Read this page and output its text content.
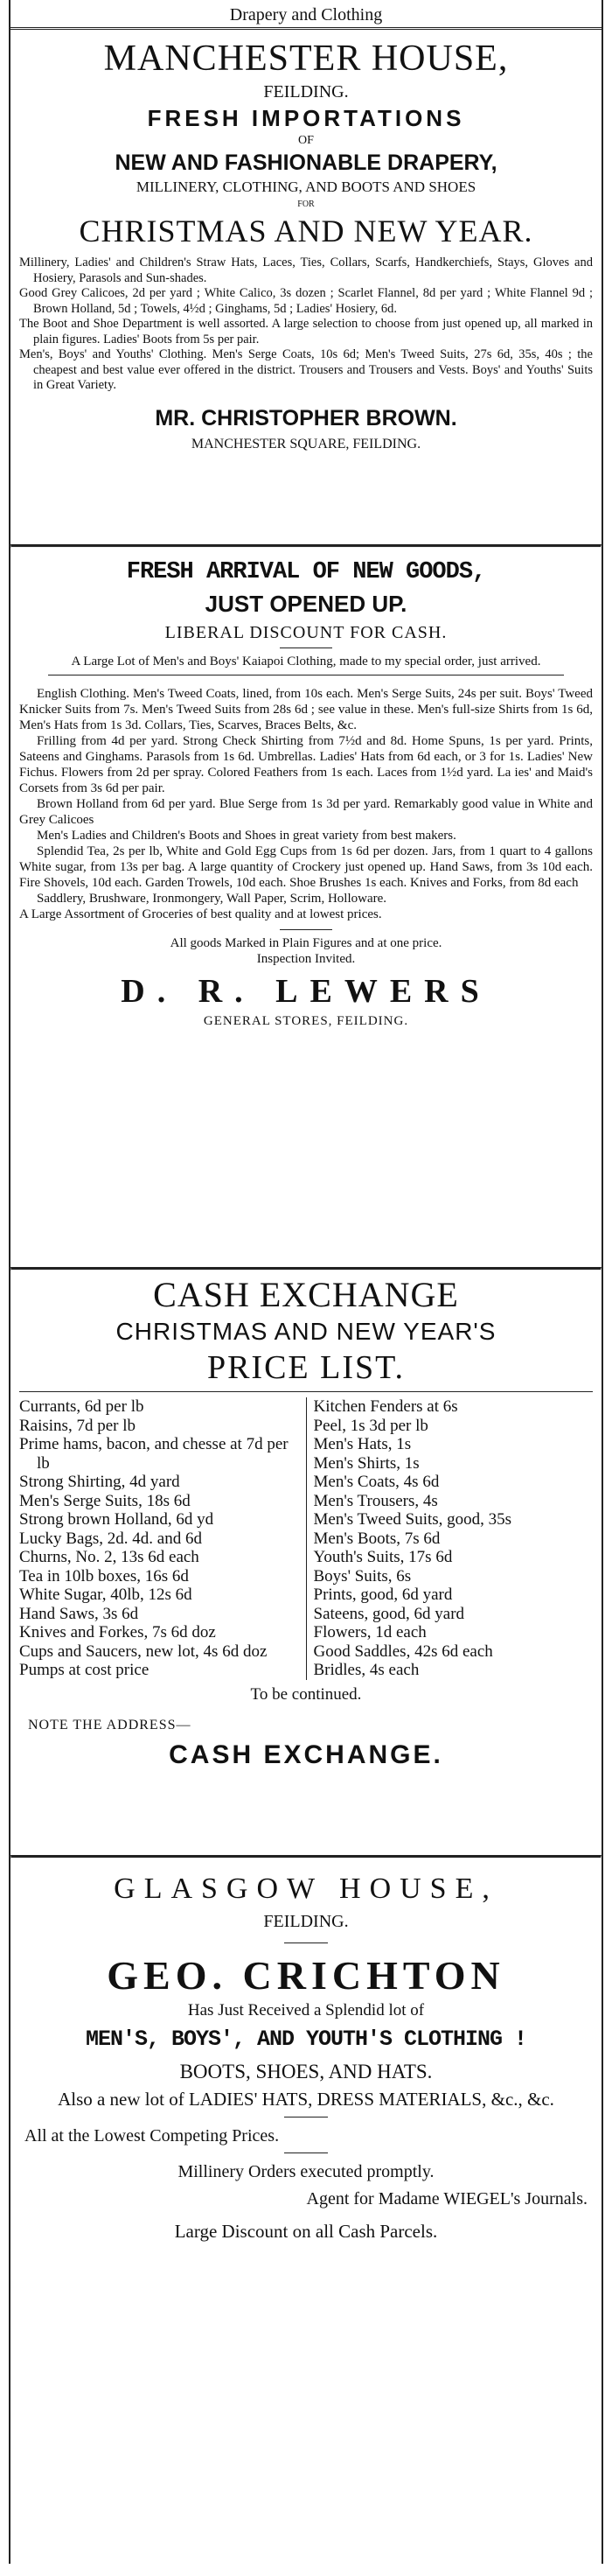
Drapery and Clothing
MANCHESTER HOUSE,
FEILDING.
FRESH IMPORTATIONS
OF
NEW AND FASHIONABLE DRAPERY,
MILLINERY, CLOTHING, AND BOOTS AND SHOES
FOR
CHRISTMAS AND NEW YEAR.

Millinery, Ladies' and Children's Straw Hats, Laces, Ties, Collars, Scarfs, Handkerchiefs, Stays, Gloves and Hosiery, Parasols and Sun-shades.

Good Grey Calicoes, 2d per yard ; White Calico, 3s dozen ; Scarlet Flannel, 8d per yard ; White Flannel 9d ; Brown Holland, 5d ; Towels, 4½d ; Ginghams, 5d ; Ladies' Hosiery, 6d.

The Boot and Shoe Department is well assorted. A large selection to choose from just opened up, all marked in plain figures. Ladies' Boots from 5s per pair.

Men's, Boys' and Youths' Clothing. Men's Serge Coats, 10s 6d; Men's Tweed Suits, 27s 6d, 35s, 40s ; the cheapest and best value ever offered in the district. Trousers and Trousers and Vests. Boys' and Youths' Suits in Great Variety.

MR. CHRISTOPHER BROWN.
MANCHESTER SQUARE, FEILDING.
FRESH ARRIVAL OF NEW GOODS,
JUST OPENED UP.
LIBERAL DISCOUNT FOR CASH.
A Large Lot of Men's and Boys' Kaiapoi Clothing, made to my special order, just arrived.

English Clothing. Men's Tweed Coats, lined, from 10s each. Men's Serge Suits, 24s per suit. Boys' Tweed Knicker Suits from 7s. Men's Tweed Suits from 28s 6d ; see value in these. Men's full-size Shirts from 1s 6d, Men's Hats from 1s 3d. Collars, Ties, Scarves, Braces Belts, &c.

Frilling from 4d per yard. Strong Check Shirting from 7½d and 8d. Home Spuns, 1s per yard. Prints, Sateens and Ginghams. Parasols from 1s 6d. Umbrellas. Ladies' Hats from 6d each, or 3 for 1s. Ladies' New Fichus. Flowers from 2d per spray. Colored Feathers from 1s each. Laces from 1½d yard. La ies' and Maid's Corsets from 3s 6d per pair.

Brown Holland from 6d per yard. Blue Serge from 1s 3d per yard. Remarkably good value in White and Grey Calicoes

Men's Ladies and Children's Boots and Shoes in great variety from best makers.

Splendid Tea, 2s per lb, White and Gold Egg Cups from 1s 6d per dozen. Jars, from 1 quart to 4 gallons White sugar, from 13s per bag. A large quantity of Crockery just opened up. Hand Saws, from 3s 10d each. Fire Shovels, 10d each. Garden Trowels, 10d each. Shoe Brushes 1s each. Knives and Forks, from 8d each

Saddlery, Brushware, Ironmongery, Wall Paper, Scrim, Holloware.

A Large Assortment of Groceries of best quality and at lowest prices.

All goods Marked in Plain Figures and at one price.
Inspection Invited.
D. R. LEWERS
GENERAL STORES, FEILDING.
CASH EXCHANGE
CHRISTMAS AND NEW YEAR'S
PRICE LIST.
Currants, 6d per lb
Raisins, 7d per lb
Prime hams, bacon, and chesse at 7d per lb
Strong Shirting, 4d yard
Men's Serge Suits, 18s 6d
Strong brown Holland, 6d yd
Lucky Bags, 2d. 4d. and 6d
Churns, No. 2, 13s 6d each
Tea in 10lb boxes, 16s 6d
White Sugar, 40lb, 12s 6d
Hand Saws, 3s 6d
Knives and Forkes, 7s 6d doz
Cups and Saucers, new lot, 4s 6d doz
Pumps at cost price
Kitchen Fenders at 6s
Peel, 1s 3d per lb
Men's Hats, 1s
Men's Shirts, 1s
Men's Coats, 4s 6d
Men's Trousers, 4s
Men's Tweed Suits, good, 35s
Men's Boots, 7s 6d
Youth's Suits, 17s 6d
Boys' Suits, 6s
Prints, good, 6d yard
Sateens, good, 6d yard
Flowers, 1d each
Good Saddles, 42s 6d each
Bridles, 4s each
To be continued.
NOTE THE ADDRESS—
CASH EXCHANGE.
GLASGOW HOUSE,
FEILDING.
GEO. CRICHTON
Has Just Received a Splendid lot of
MEN'S, BOYS', AND YOUTH'S CLOTHING !
BOOTS, SHOES, AND HATS.
Also a new lot of LADIES' HATS, DRESS MATERIALS, &c., &c.
All at the Lowest Competing Prices.
Millinery Orders executed promptly.
Agent for Madame WIEGEL's Journals.
Large Discount on all Cash Parcels.
